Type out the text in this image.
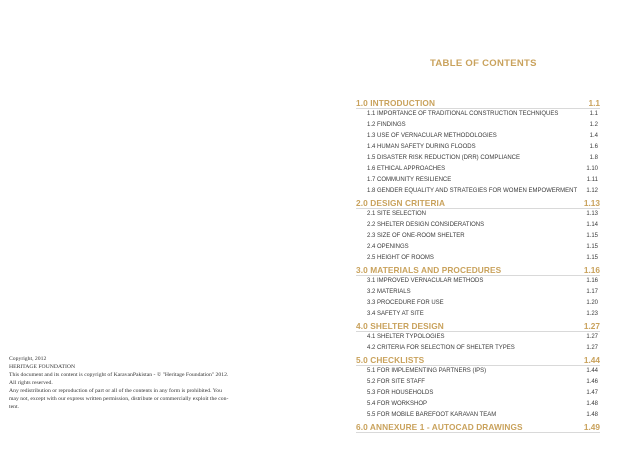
TABLE OF CONTENTS
1.0 INTRODUCTION	1.1
1.1 IMPORTANCE OF TRADITIONAL CONSTRUCTION TECHNIQUES	1.1
1.2 FINDINGS	1.2
1.3 USE OF VERNACULAR METHODOLOGIES	1.4
1.4 HUMAN SAFETY DURING FLOODS	1.6
1.5 DISASTER RISK REDUCTION (DRR) COMPLIANCE	1.8
1.6 ETHICAL APPROACHES	1.10
1.7 COMMUNITY RESILIENCE	1.11
1.8 GENDER EQUALITY AND STRATEGIES FOR WOMEN EMPOWERMENT 1.12
2.0 DESIGN CRITERIA	1.13
2.1 SITE SELECTION	1.13
2.2 SHELTER DESIGN CONSIDERATIONS	1.14
2.3 SIZE OF ONE-ROOM SHELTER	1.15
2.4 OPENINGS	1.15
2.5 HEIGHT OF ROOMS	1.15
3.0 MATERIALS AND PROCEDURES	1.16
3.1 IMPROVED VERNACULAR METHODS	1.16
3.2 MATERIALS	1.17
3.3 PROCEDURE FOR USE	1.20
3.4 SAFETY AT SITE	1.23
4.0 SHELTER DESIGN	1.27
4.1 SHELTER TYPOLOGIES	1.27
4.2 CRITERIA FOR SELECTION OF SHELTER TYPES	1.27
5.0 CHECKLISTS	1.44
5.1 FOR IMPLEMENTING PARTNERS (IPS)	1.44
5.2 FOR SITE STAFF	1.46
5.3 FOR HOUSEHOLDS	1.47
5.4 FOR WORKSHOP	1.48
5.5 FOR MOBILE BAREFOOT KARAVAN TEAM	1.48
6.0 ANNEXURE 1 - AUTOCAD DRAWINGS	1.49
Copyright, 2012
HERITAGE FOUNDATION
This document and its content is copyright of KaravanPakistan - © "Heritage Foundation" 2012.
All rights reserved.
Any redistribution or reproduction of part or all of the contents in any form is prohibited. You
may not, except with our express written permission, distribute or commercially exploit the con-
tent.
